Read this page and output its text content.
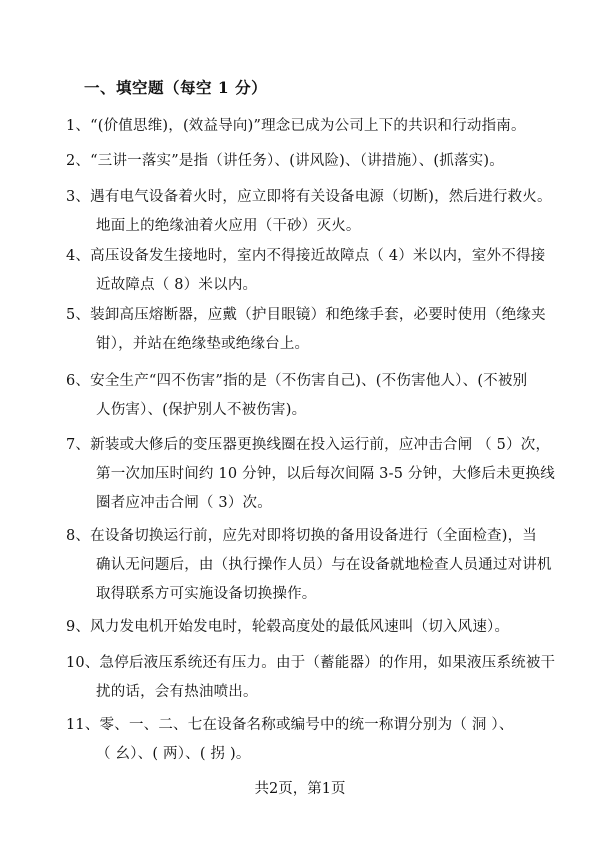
一、填空题（每空 1 分）
1、“(价值思维)，(效益导向)”理念已成为公司上下的共识和行动指南。
2、“三讲一落实”是指（讲任务）、(讲风险)、（讲措施）、(抓落实)。
3、遇有电气设备着火时，应立即将有关设备电源（切断)，然后进行救火。
地面上的绝缘油着火应用（干砂）灭火。
4、高压设备发生接地时，室内不得接近故障点（ 4）米以内，室外不得接
近故障点（ 8）米以内。
5、装卸高压熔断器，应戴（护目眼镜）和绝缘手套，必要时使用（绝缘夹
钳），并站在绝缘垫或绝缘台上。
6、安全生产“四不伤害”指的是（不伤害自己)、(不伤害他人）、(不被别
人伤害）、(保护别人不被伤害)。
7、新装或大修后的变压器更换线圈在投入运行前，应冲击合闸 （ 5）次，
第一次加压时间约 10 分钟，以后每次间隔 3-5 分钟，大修后未更换线
圈者应冲击合闸（ 3）次。
8、在设备切换运行前，应先对即将切换的备用设备进行（全面检查)，当
确认无问题后，由（执行操作人员）与在设备就地检查人员通过对讲机
取得联系方可实施设备切换操作。
9、风力发电机开始发电时，轮毂高度处的最低风速叫（切入风速）。
10、急停后液压系统还有压力。由于（蓄能器）的作用，如果液压系统被干
扰的话，会有热油喷出。
11、零、一、二、七在设备名称或编号中的统一称谓分别为（ 洞 ）、
（ 幺）、( 两）、( 拐 )。
共2页，第1页
